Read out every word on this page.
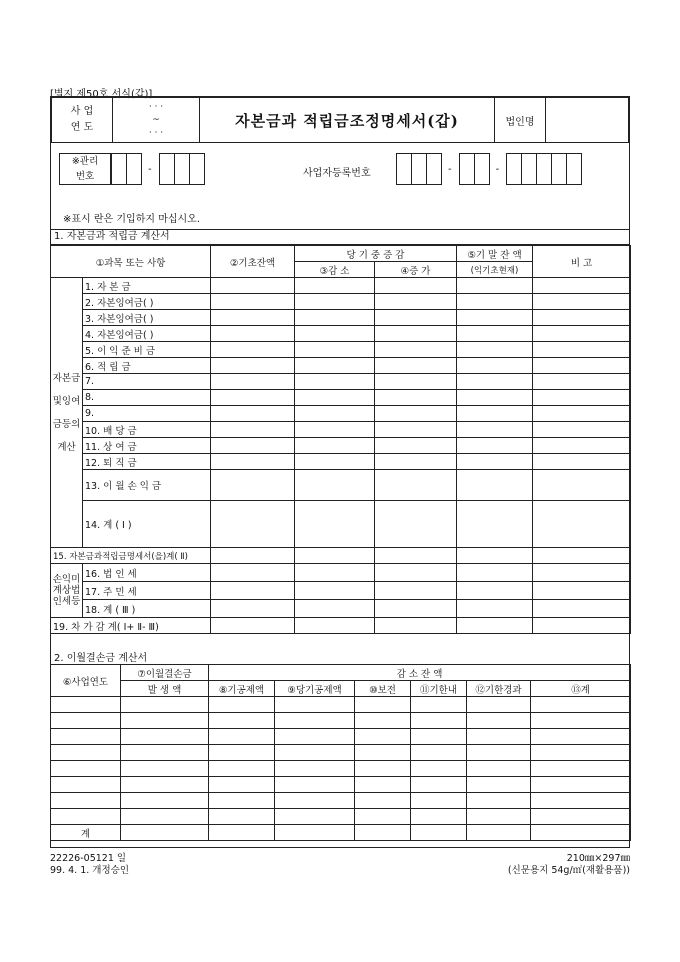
[별지 제50호 서식(갑)]
사 업
연 도

· · ·
~
· · ·
	자본금과 적립금조정명세서(갑)	법인명	
※관리
번호
-	사업자등록번호	-	-
※표시 란은 기입하지 마십시오.
1. 자본금과 적립금 계산서
①과목 또는 사항		②기초잔액	당 기 중 증 감		⑤기 말 잔 액	비 고
			③감 소	④증 가	(익기초현재)	
자본금및잉여금등의계산	1. 자 본 금					
	2. 자본잉여금( )					
	3. 자본잉여금( )					
	4. 자본잉여금( )					
	5. 이 익 준 비 금					
	6. 적 립 금					
	7.					
	8.					
	9.					
	10. 배 당 금					
	11. 상 여 금					
	12. 퇴 직 금					
	13. 이 월 손 익 금					
	14. 계 ( Ⅰ )					
15. 자본금과적립금명세서(을)계( Ⅱ)						
손익미계상법인세등	16. 법 인 세					
	17. 주 민 세					
	18. 계 ( Ⅲ )					
19. 차 가 감 계( Ⅰ+ Ⅱ- Ⅲ)						
2. 이월결손금 계산서
⑥사업연도	⑦이월결손금	감 소 잔 액					
	발 생 액	⑧기공제액	⑨당기공제액	⑩보전	⑪기한내	⑫기한경과	⑬계

계							
22226-05121 일
99. 4. 1. 개정승인
210㎜×297㎜
(신문용지 54g/㎡(재활용품))
